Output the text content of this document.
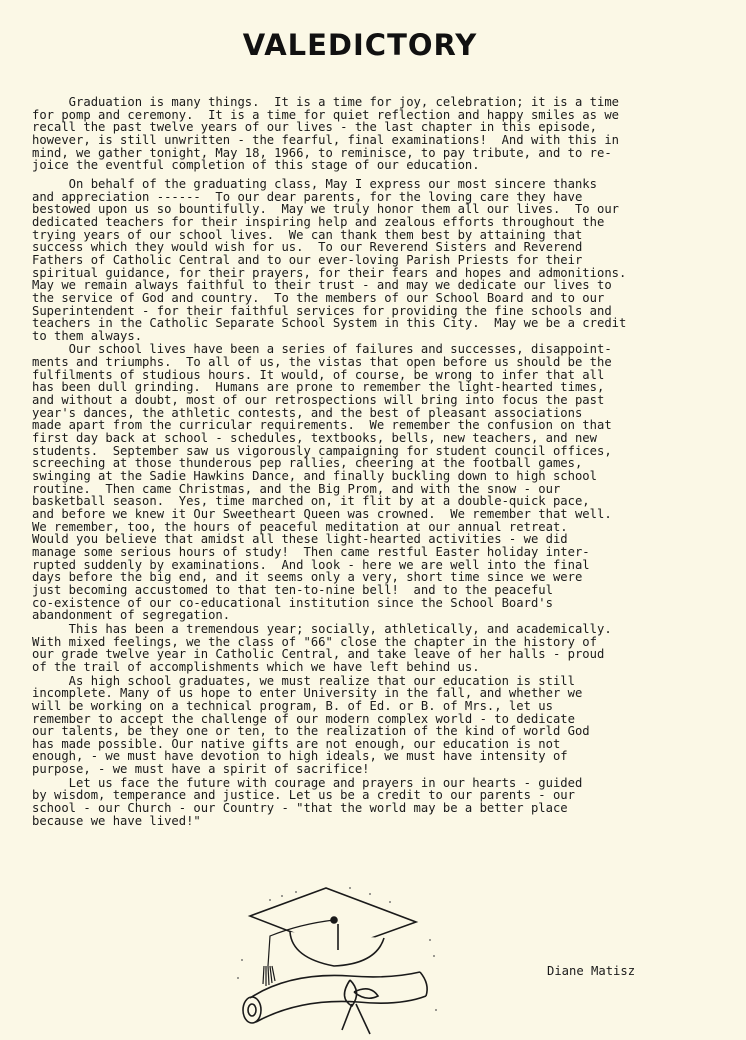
VALEDICTORY
Graduation is many things.  It is a time for joy, celebration; it is a time
for pomp and ceremony.  It is a time for quiet reflection and happy smiles as we
recall the past twelve years of our lives - the last chapter in this episode,
however, is still unwritten - the fearful, final examinations!  And with this in
mind, we gather tonight, May 18, 1966, to reminisce, to pay tribute, and to re-
joice the eventful completion of this stage of our education.
On behalf of the graduating class, May I express our most sincere thanks
and appreciation ------  To our dear parents, for the loving care they have
bestowed upon us so bountifully.  May we truly honor them all our lives.  To our
dedicated teachers for their inspiring help and zealous efforts throughout the
trying years of our school lives.  We can thank them best by attaining that
success which they would wish for us.  To our Reverend Sisters and Reverend
Fathers of Catholic Central and to our ever-loving Parish Priests for their
spiritual guidance, for their prayers, for their fears and hopes and admonitions.
May we remain always faithful to their trust - and may we dedicate our lives to
the service of God and country.  To the members of our School Board and to our
Superintendent - for their faithful services for providing the fine schools and
teachers in the Catholic Separate School System in this City.  May we be a credit
to them always.
Our school lives have been a series of failures and successes, disappoint-
ments and triumphs.  To all of us, the vistas that open before us should be the
fulfilments of studious hours. It would, of course, be wrong to infer that all
has been dull grinding.  Humans are prone to remember the light-hearted times,
and without a doubt, most of our retrospections will bring into focus the past
year's dances, the athletic contests, and the best of pleasant associations
made apart from the curricular requirements.  We remember the confusion on that
first day back at school - schedules, textbooks, bells, new teachers, and new
students.  September saw us vigorously campaigning for student council offices,
screeching at those thunderous pep rallies, cheering at the football games,
swinging at the Sadie Hawkins Dance, and finally buckling down to high school
routine.  Then came Christmas, and the Big Prom, and with the snow - our
basketball season.  Yes, time marched on, it flit by at a double-quick pace,
and before we knew it Our Sweetheart Queen was crowned.  We remember that well.
We remember, too, the hours of peaceful meditation at our annual retreat.
Would you believe that amidst all these light-hearted activities - we did
manage some serious hours of study!  Then came restful Easter holiday inter-
rupted suddenly by examinations.  And look - here we are well into the final
days before the big end, and it seems only a very, short time since we were
just becoming accustomed to that ten-to-nine bell!  and to the peaceful
co-existence of our co-educational institution since the School Board's
abandonment of segregation.
This has been a tremendous year; socially, athletically, and academically.
With mixed feelings, we the class of "66" close the chapter in the history of
our grade twelve year in Catholic Central, and take leave of her halls - proud
of the trail of accomplishments which we have left behind us.
As high school graduates, we must realize that our education is still
incomplete. Many of us hope to enter University in the fall, and whether we
will be working on a technical program, B. of Ed. or B. of Mrs., let us
remember to accept the challenge of our modern complex world - to dedicate
our talents, be they one or ten, to the realization of the kind of world God
has made possible. Our native gifts are not enough, our education is not
enough, - we must have devotion to high ideals, we must have intensity of
purpose, - we must have a spirit of sacrifice!
Let us face the future with courage and prayers in our hearts - guided
by wisdom, temperance and justice. Let us be a credit to our parents - our
school - our Church - our Country - "that the world may be a better place
because we have lived!"
Diane Matisz
